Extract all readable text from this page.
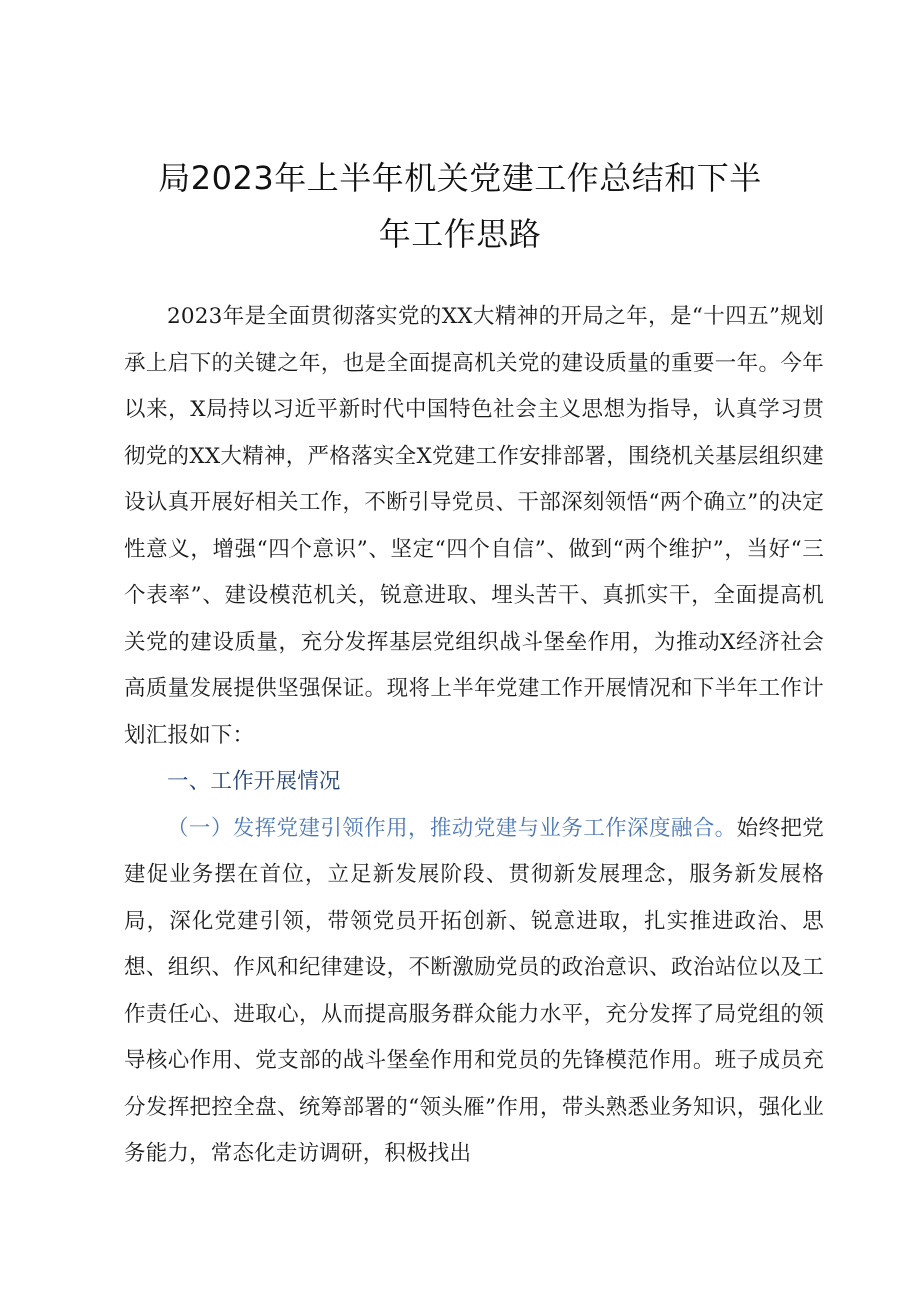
局2023年上半年机关党建工作总结和下半
年工作思路

2023年是全面贯彻落实党的XX大精神的开局之年，是“十四五”规划承上启下的关键之年，也是全面提高机关党的建设质量的重要一年。今年以来，X局持以习近平新时代中国特色社会主义思想为指导，认真学习贯彻党的XX大精神，严格落实全X党建工作安排部署，围绕机关基层组织建设认真开展好相关工作，不断引导党员、干部深刻领悟“两个确立”的决定性意义，增强“四个意识”、坚定“四个自信”、做到“两个维护”，当好“三个表率”、建设模范机关，锐意进取、埋头苦干、真抓实干，全面提高机关党的建设质量，充分发挥基层党组织战斗堡垒作用，为推动X经济社会高质量发展提供坚强保证。现将上半年党建工作开展情况和下半年工作计划汇报如下：

一、工作开展情况

（一）发挥党建引领作用，推动党建与业务工作深度融合。始终把党建促业务摆在首位，立足新发展阶段、贯彻新发展理念，服务新发展格局，深化党建引领，带领党员开拓创新、锐意进取，扎实推进政治、思想、组织、作风和纪律建设，不断激励党员的政治意识、政治站位以及工作责任心、进取心，从而提高服务群众能力水平，充分发挥了局党组的领导核心作用、党支部的战斗堡垒作用和党员的先锋模范作用。班子成员充分发挥把控全盘、统筹部署的“领头雁”作用，带头熟悉业务知识，强化业务能力，常态化走访调研，积极找出
